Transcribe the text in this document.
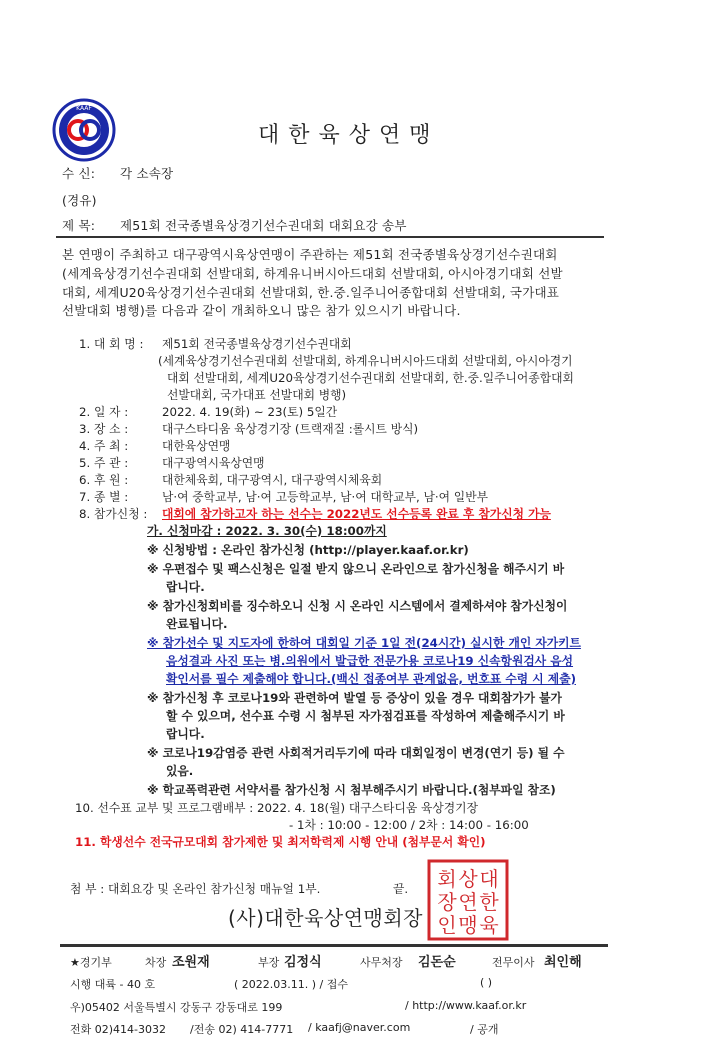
KAAF
대한육상연맹
수 신: 각 소속장
(경유)
제 목: 제51회 전국종별육상경기선수권대회 대회요강 송부
본 연맹이 주최하고 대구광역시육상연맹이 주관하는 제51회 전국종별육상경기선수권대회
(세계육상경기선수권대회 선발대회, 하계유니버시아드대회 선발대회, 아시아경기대회 선발
대회, 세계U20육상경기선수권대회 선발대회, 한.중.일주니어종합대회 선발대회, 국가대표
선발대회 병행)를 다음과 같이 개최하오니 많은 참가 있으시기 바랍니다.
1. 대 회 명 : 제51회 전국종별육상경기선수권대회
(세계육상경기선수권대회 선발대회, 하계유니버시아드대회 선발대회, 아시아경기
대회 선발대회, 세계U20육상경기선수권대회 선발대회, 한.중.일주니어종합대회
선발대회, 국가대표 선발대회 병행)
2. 일 자 :	2022. 4. 19(화) ~ 23(토) 5일간
3. 장 소 :	대구스타디움 육상경기장 (트랙재질 :롤시트 방식)
4. 주 최 :	대한육상연맹
5. 주 관 :	대구광역시육상연맹
6. 후 원 :	대한체육회, 대구광역시, 대구광역시체육회
7. 종 별 :	남·여 중학교부, 남·여 고등학교부, 남·여 대학교부, 남·여 일반부
8. 참가신청 : 대회에 참가하고자 하는 선수는 2022년도 선수등록 완료 후 참가신청 가능
가. 신청마감 : 2022. 3. 30(수) 18:00까지
※ 신청방법 : 온라인 참가신청 (http://player.kaaf.or.kr)
※ 우편접수 및 팩스신청은 일절 받지 않으니 온라인으로 참가신청을 해주시기 바
랍니다.
※ 참가신청회비를 징수하오니 신청 시 온라인 시스템에서 결제하셔야 참가신청이
완료됩니다.
※ 참가선수 및 지도자에 한하여 대회일 기준 1일 전(24시간) 실시한 개인 자가키트
음성결과 사진 또는 병.의원에서 발급한 전문가용 코로나19 신속항원검사 음성
확인서를 필수 제출해야 합니다.(백신 접종여부 관계없음, 번호표 수령 시 제출)
※ 참가신청 후 코로나19와 관련하여 발열 등 증상이 있을 경우 대회참가가 불가
할 수 있으며, 선수표 수령 시 첨부된 자가점검표를 작성하여 제출해주시기 바
랍니다.
※ 코로나19감염증 관련 사회적거리두기에 따라 대회일정이 변경(연기 등) 될 수
있음.
※ 학교폭력관련 서약서를 참가신청 시 첨부해주시기 바랍니다.(첨부파일 참조)
10. 선수표 교부 및 프로그램배부 : 2022. 4. 18(월) 대구스타디움 육상경기장
- 1차 : 10:00 - 12:00 / 2차 : 14:00 - 16:00
11. 학생선수 전국규모대회 참가제한 및 최저학력제 시행 안내 (첨부문서 확인)
첨 부 : 대회요강 및 온라인 참가신청 매뉴얼 1부.	끝.
(사)대한육상연맹회장
대
한
육
상
연
맹
회
장
인
★경기부	차장 조원재	부장 김정식	사무처장 김돈순	전무이사 최인해
시행 대륙 - 40 호	( 2022.03.11. ) / 접수	( )
우)05402 서울특별시 강동구 강동대로 199	/ http://www.kaaf.or.kr
전화 02)414-3032 /전송 02) 414-7771 / kaafj@naver.com	/ 공개
